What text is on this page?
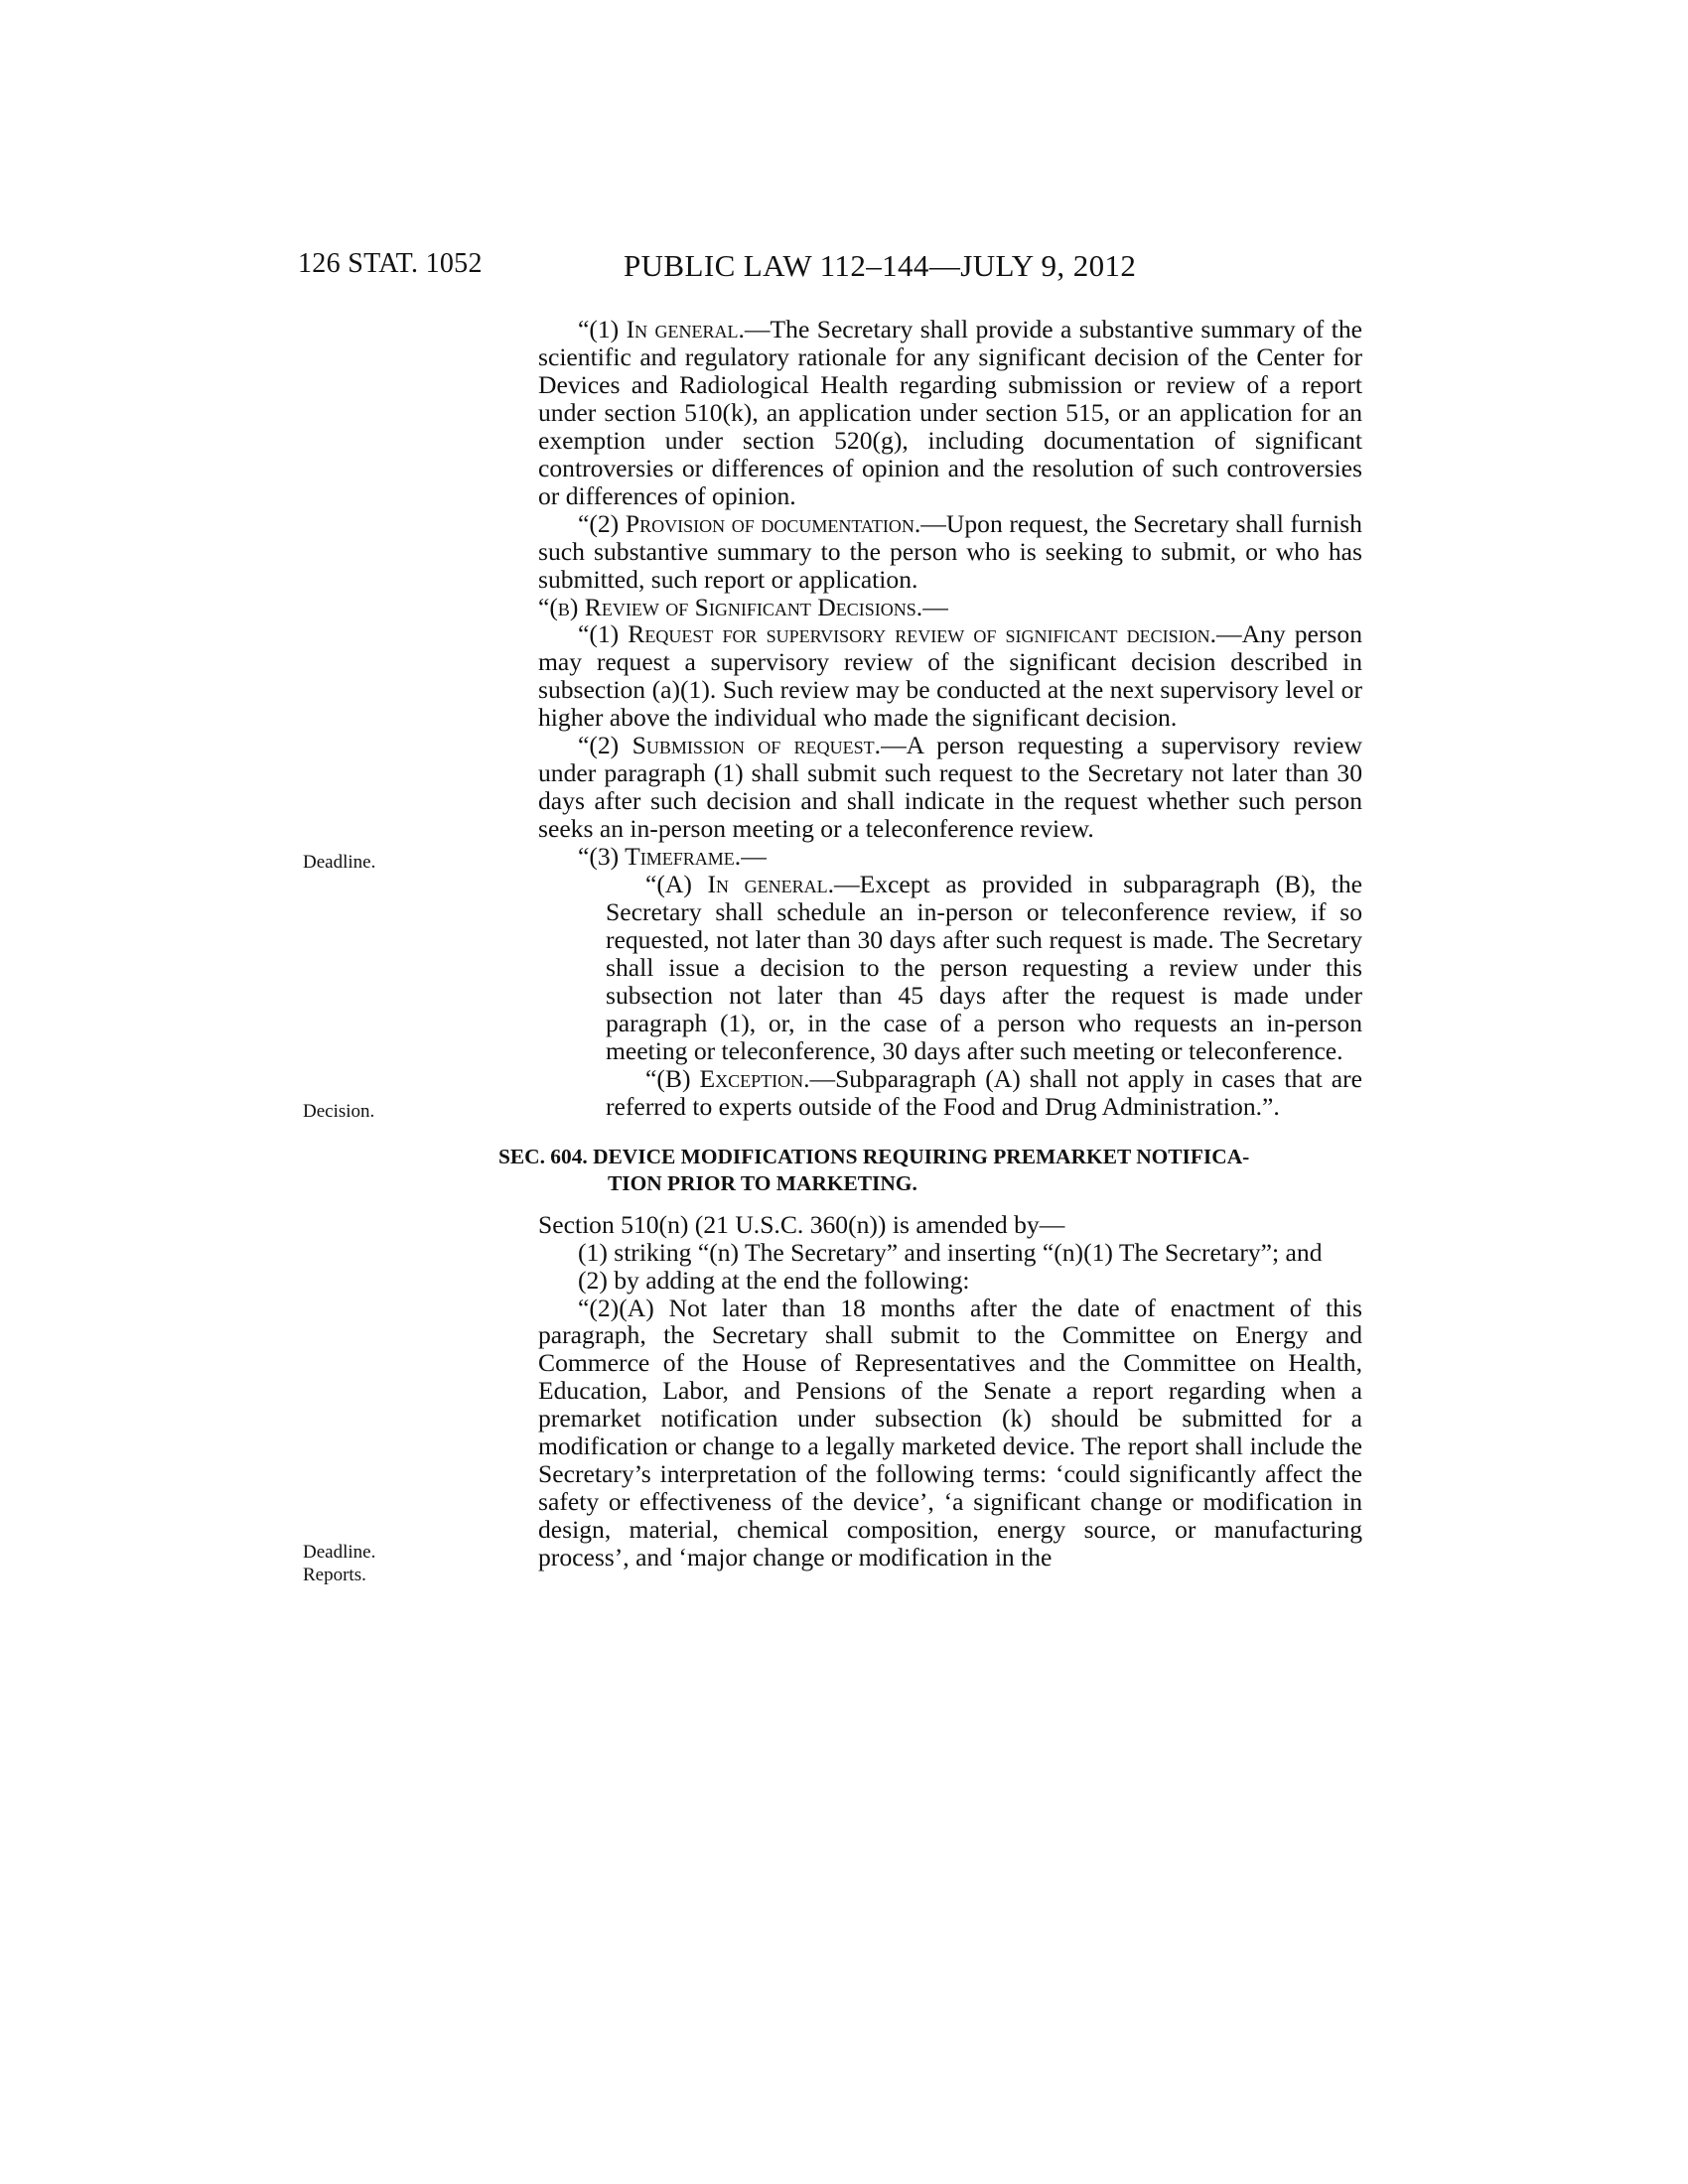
126 STAT. 1052	PUBLIC LAW 112–144—JULY 9, 2012
Deadline.
Decision.
Deadline.
Reports.

“(1) In general.—The Secretary shall provide a substantive summary of the scientific and regulatory rationale for any significant decision of the Center for Devices and Radiological Health regarding submission or review of a report under section 510(k), an application under section 515, or an application for an exemption under section 520(g), including documentation of significant controversies or differences of opinion and the resolution of such controversies or differences of opinion.

“(2) Provision of documentation.—Upon request, the Secretary shall furnish such substantive summary to the person who is seeking to submit, or who has submitted, such report or application.

“(b) Review of Significant Decisions.—

“(1) Request for supervisory review of significant decision.—Any person may request a supervisory review of the significant decision described in subsection (a)(1). Such review may be conducted at the next supervisory level or higher above the individual who made the significant decision.

“(2) Submission of request.—A person requesting a supervisory review under paragraph (1) shall submit such request to the Secretary not later than 30 days after such decision and shall indicate in the request whether such person seeks an in-person meeting or a teleconference review.

“(3) Timeframe.—

“(A) In general.—Except as provided in subparagraph (B), the Secretary shall schedule an in-person or teleconference review, if so requested, not later than 30 days after such request is made. The Secretary shall issue a decision to the person requesting a review under this subsection not later than 45 days after the request is made under paragraph (1), or, in the case of a person who requests an in-person meeting or teleconference, 30 days after such meeting or teleconference.

“(B) Exception.—Subparagraph (A) shall not apply in cases that are referred to experts outside of the Food and Drug Administration.”.

SEC. 604. DEVICE MODIFICATIONS REQUIRING PREMARKET NOTIFICA-
TION PRIOR TO MARKETING.

Section 510(n) (21 U.S.C. 360(n)) is amended by—

(1) striking “(n) The Secretary” and inserting “(n)(1) The Secretary”; and

(2) by adding at the end the following:

“(2)(A) Not later than 18 months after the date of enactment of this paragraph, the Secretary shall submit to the Committee on Energy and Commerce of the House of Representatives and the Committee on Health, Education, Labor, and Pensions of the Senate a report regarding when a premarket notification under subsection (k) should be submitted for a modification or change to a legally marketed device. The report shall include the Secretary’s interpretation of the following terms: ‘could significantly affect the safety or effectiveness of the device’, ‘a significant change or modification in design, material, chemical composition, energy source, or manufacturing process’, and ‘major change or modification in the
